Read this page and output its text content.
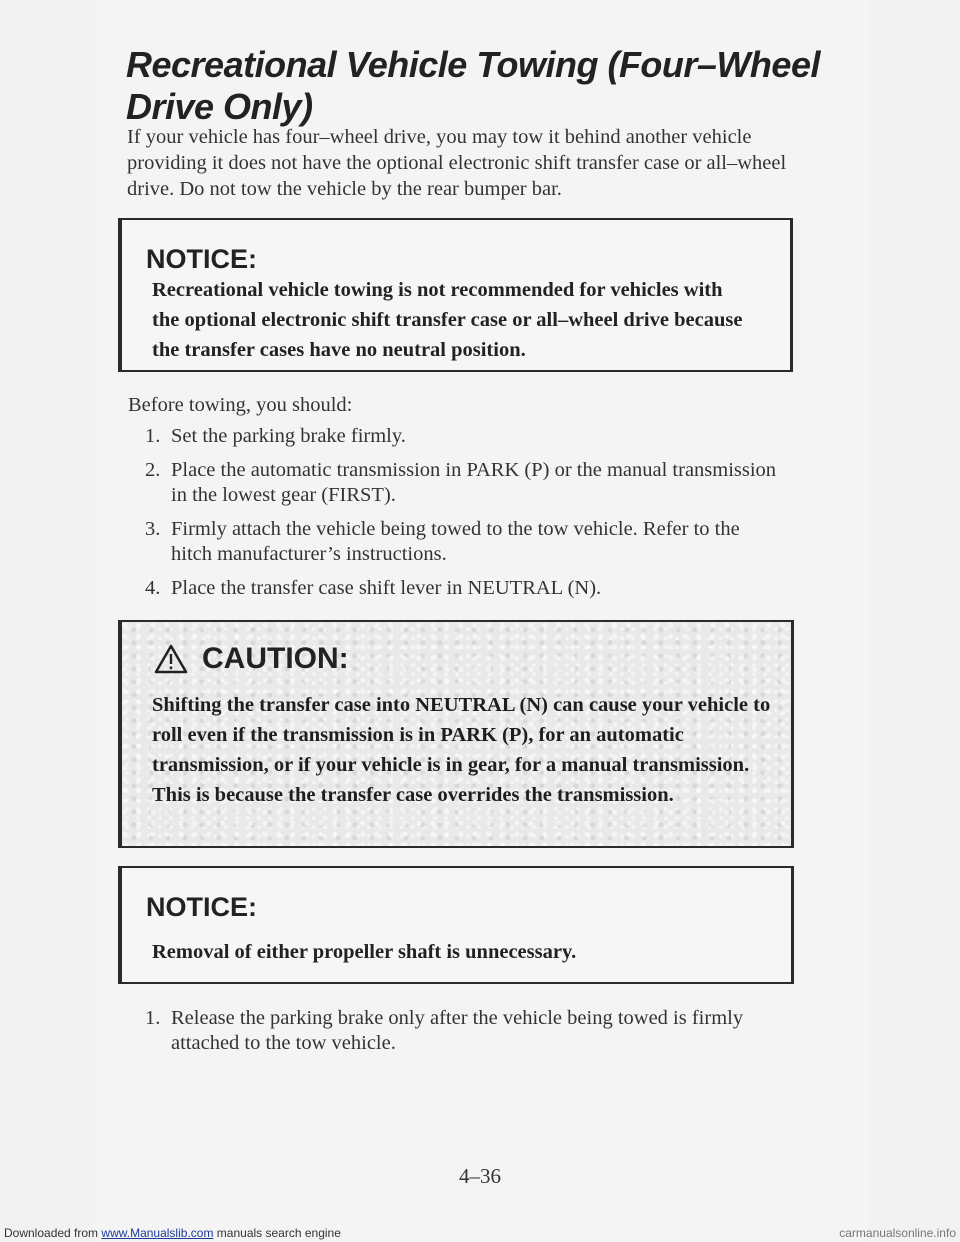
Recreational Vehicle Towing (Four–Wheel Drive Only)

If your vehicle has four–wheel drive, you may tow it behind another vehicle providing it does not have the optional electronic shift transfer case or all–wheel drive. Do not tow the vehicle by the rear bumper bar.

NOTICE:
Recreational vehicle towing is not recommended for vehicles with the optional electronic shift transfer case or all–wheel drive because the transfer cases have no neutral position.
Before towing, you should:
1. Set the parking brake firmly.
2. Place the automatic transmission in PARK (P) or the manual transmission in the lowest gear (FIRST).
3. Firmly attach the vehicle being towed to the tow vehicle. Refer to the hitch manufacturer’s instructions.
4. Place the transfer case shift lever in NEUTRAL (N).
CAUTION:
Shifting the transfer case into NEUTRAL (N) can cause your vehicle to roll even if the transmission is in PARK (P), for an automatic transmission, or if your vehicle is in gear, for a manual transmission. This is because the transfer case overrides the transmission.
NOTICE:
Removal of either propeller shaft is unnecessary.
1. Release the parking brake only after the vehicle being towed is firmly attached to the tow vehicle.
4–36
Downloaded from www.Manualslib.com manuals search engine	carmanualsonline.info
